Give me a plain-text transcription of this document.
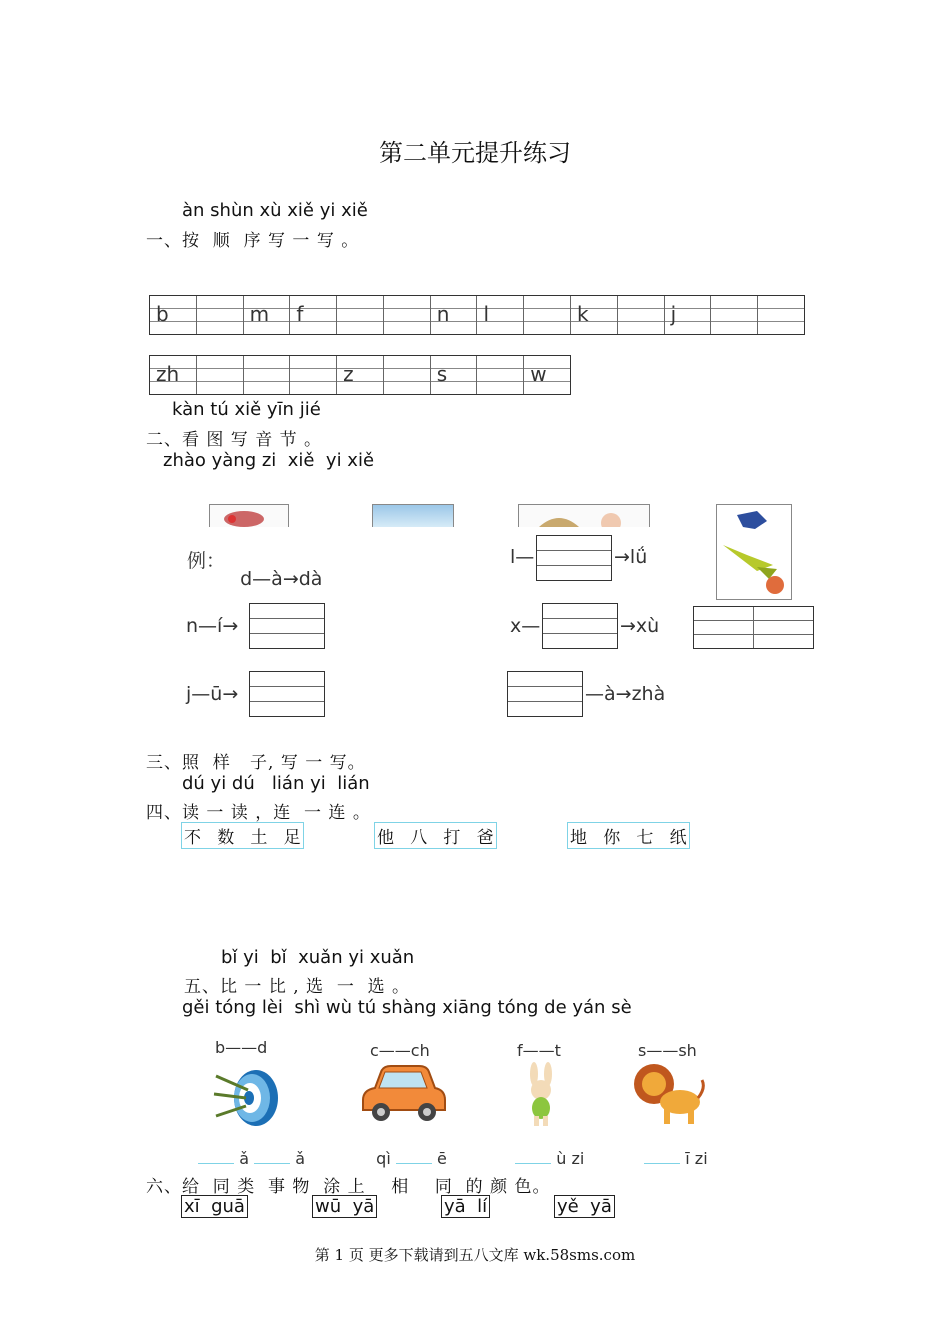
第二单元提升练习
àn shùn xù xiě yi xiě
一、按  顺  序 写 一 写 。
b	m f	n l	k	j
zh	z	s	w
kàn tú xiě yīn jié
二、看 图 写 音 节 。
zhào yàng zi  xiě  yi xiě
例：

d—à→dà

l—	→lǘ
n—í→	x—	→xù
j—ū→	—à→zhà
三、照  样   子, 写 一 写。
dú yi dú   lián yi  lián
四、读 一 读 ，连  一 连 。
不   数   土   足	他   八   打   爸	地   你   七   纸
bǐ yi  bǐ  xuǎn yi xuǎn
五、比 一 比 , 选  一  选 。
gěi tóng lèi  shì wù tú shàng xiāng tóng de yán sè
b——d	c——ch	f——t	s——sh

ǎ	ǎ	qì	ē	ù zi	ī zi

六、给  同 类  事 物  涂 上    相    同  的 颜 色。
xī  guā	wū  yā	yā  lí	yě  yā
第 1 页 更多下载请到五八文库 wk.58sms.com
